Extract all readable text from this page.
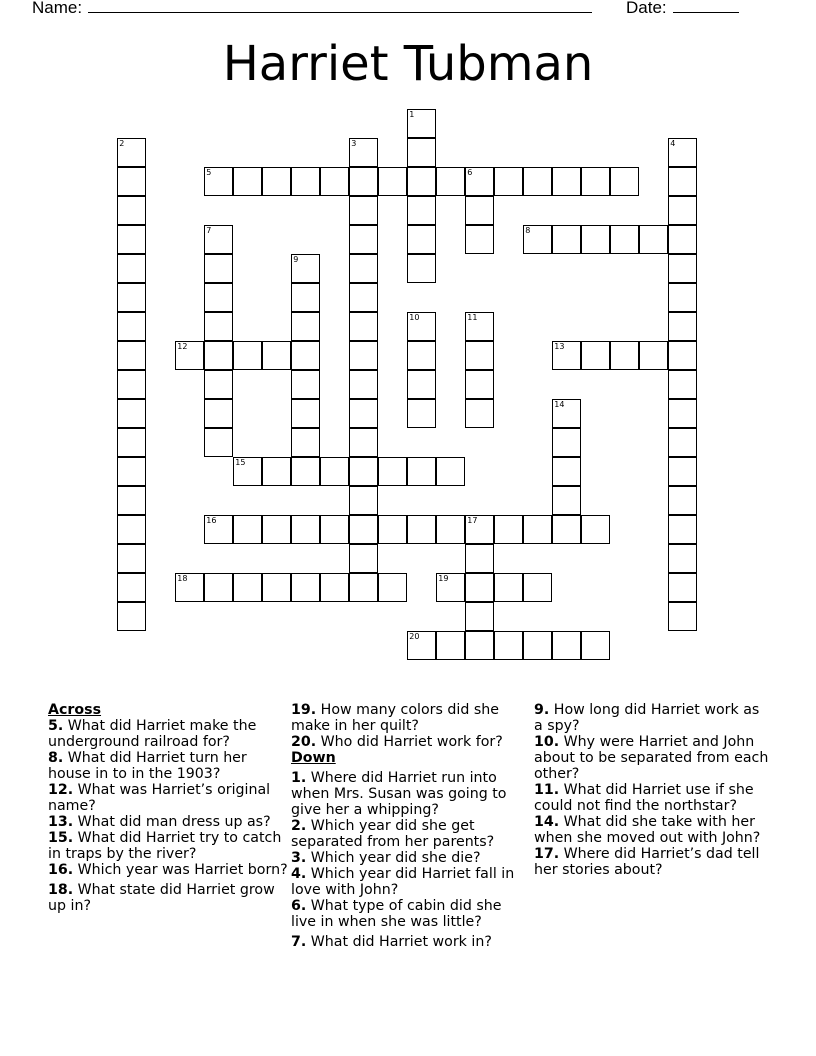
Name:	Date:
Harriet Tubman
1
2	3	4
5	6
7	8
9
10	11
12	13
14
15
16	17
18	19
20
Across
5. What did Harriet make the underground railroad for?
8. What did Harriet turn her house in to in the 1903?
12. What was Harriet’s original name?
13. What did man dress up as?
15. What did Harriet try to catch in traps by the river?
16. Which year was Harriet born?
18. What state did Harriet grow up in?
19. How many colors did she make in her quilt?
20. Who did Harriet work for?
Down
1. Where did Harriet run into when Mrs. Susan was going to give her a whipping?
2. Which year did she get separated from her parents?
3. Which year did she die?
4. Which year did Harriet fall in love with John?
6. What type of cabin did she live in when she was little?
7. What did Harriet work in?
9. How long did Harriet work as a spy?
10. Why were Harriet and John about to be separated from each other?
11. What did Harriet use if she could not find the northstar?
14. What did she take with her when she moved out with John?
17. Where did Harriet’s dad tell her stories about?
